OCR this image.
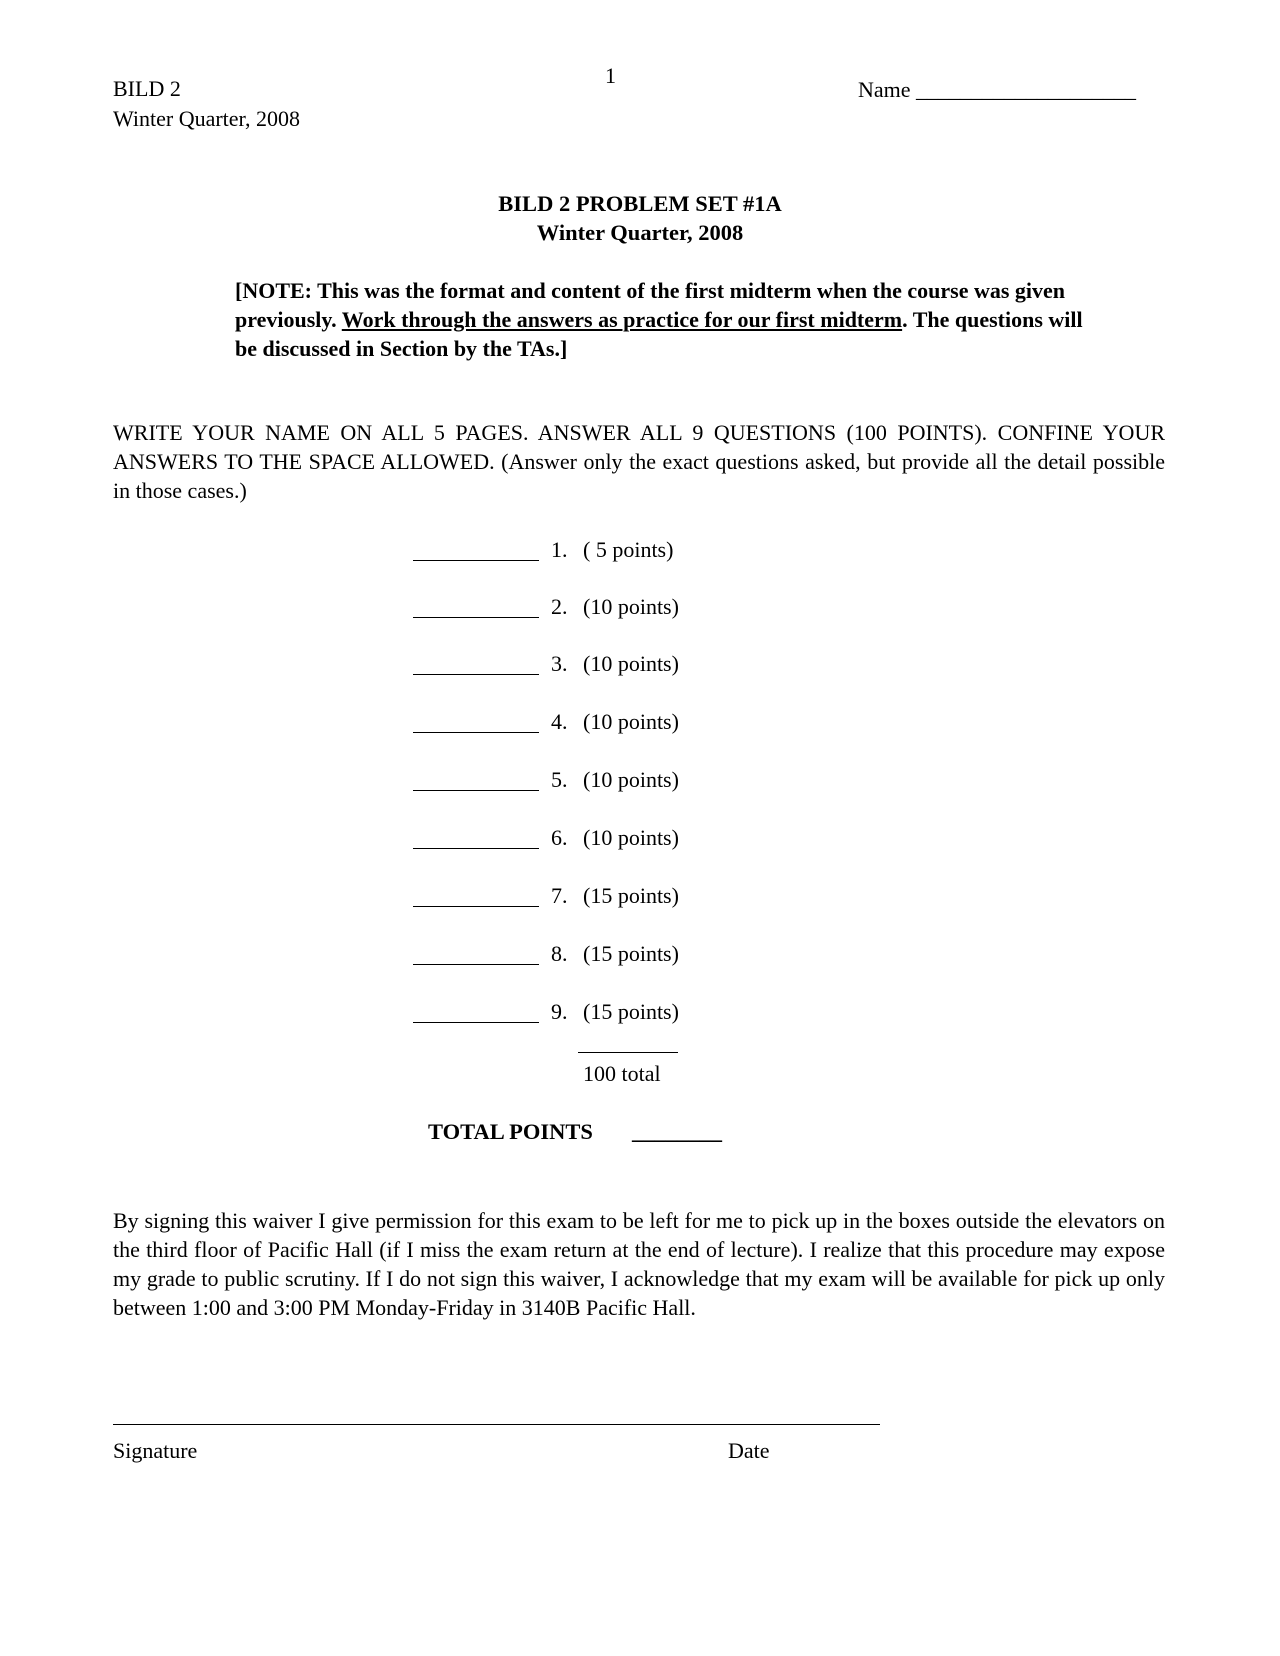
BILD 2
Winter Quarter, 2008
1
Name ____________________
BILD 2 PROBLEM SET #1A
Winter Quarter, 2008
[NOTE: This was the format and content of the first midterm when the course was given previously. Work through the answers as practice for our first midterm. The questions will be discussed in Section by the TAs.]
WRITE YOUR NAME ON ALL 5 PAGES. ANSWER ALL 9 QUESTIONS (100 POINTS). CONFINE YOUR ANSWERS TO THE SPACE ALLOWED. (Answer only the exact questions asked, but provide all the detail possible in those cases.)
1. ( 5 points)
2. (10 points)
3. (10 points)
4. (10 points)
5. (10 points)
6. (10 points)
7. (15 points)
8. (15 points)
9. (15 points)
100 total
TOTAL POINTS ________
By signing this waiver I give permission for this exam to be left for me to pick up in the boxes outside the elevators on the third floor of Pacific Hall (if I miss the exam return at the end of lecture). I realize that this procedure may expose my grade to public scrutiny. If I do not sign this waiver, I acknowledge that my exam will be available for pick up only between 1:00 and 3:00 PM Monday-Friday in 3140B Pacific Hall.
Signature	Date
